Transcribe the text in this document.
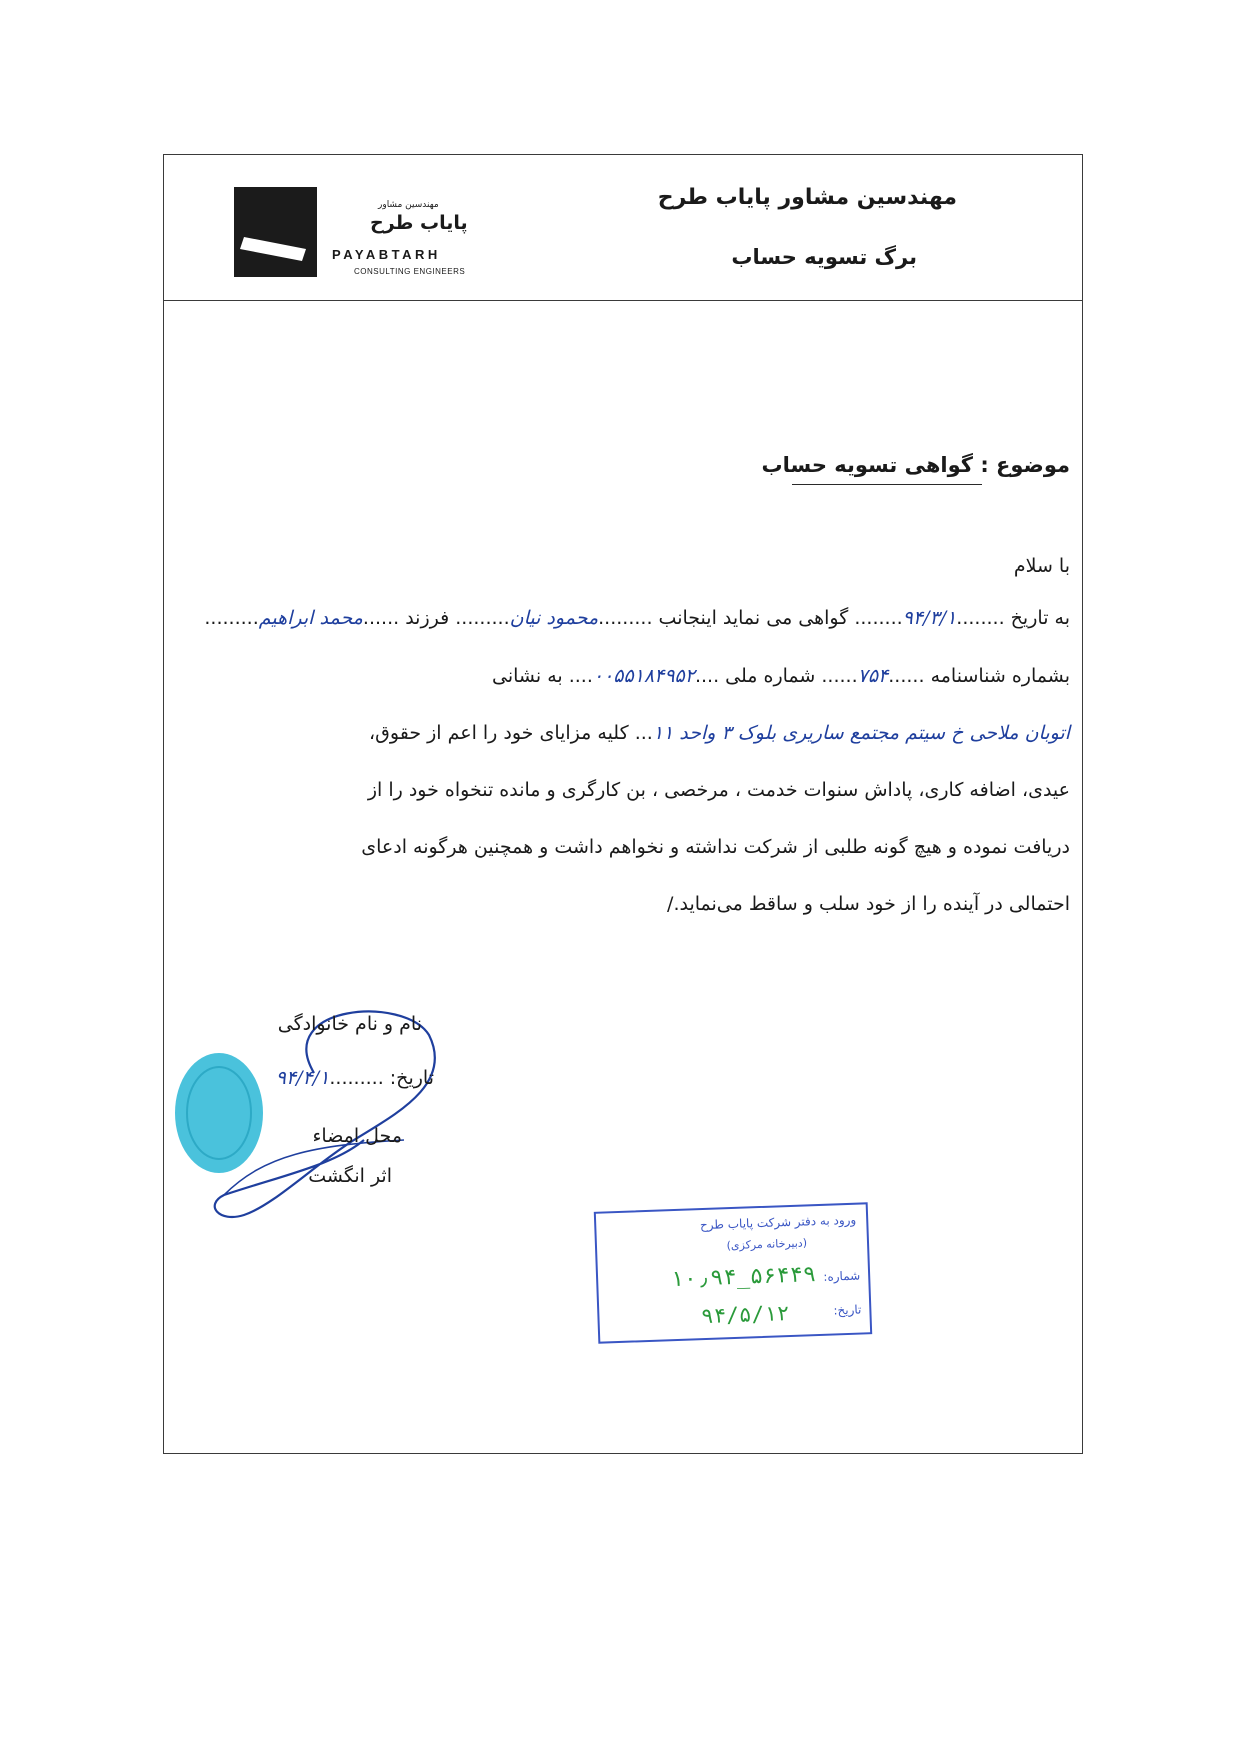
مهندسین مشاور پایاب طرح
برگ تسویه حساب
مهندسین مشاور
پایاب طرح
PAYABTARH
CONSULTING ENGINEERS
موضوع : گواهی تسویه حساب
با سلام
به تاریخ ........۹۴/۳/۱........ گواهی می نماید اینجانب .........محمود نیان......... فرزند ......محمد ابراهیم.........
بشماره شناسنامه ......۷۵۴...... شماره ملی ....۰۰۵۵۱۸۴۹۵۲.... به نشانی
اتوبان ملاحی خ سیتم مجتمع ساریری بلوک ۳ واحد ۱۱... کلیه مزایای خود را اعم از حقوق،
عیدی، اضافه کاری، پاداش سنوات خدمت ، مرخصی ، بن کارگری و مانده تنخواه خود را از
دریافت نموده و هیچ گونه طلبی از شرکت نداشته و نخواهم داشت و همچنین هرگونه ادعای
احتمالی در آینده را از خود سلب و ساقط می‌نماید./
نام و نام خانوادگی
تاریخ: .........۹۴/۴/۱
محل امضاء
اثر انگشت
ورود به دفتر شرکت پایاب طرح
(دبیرخانه مرکزی)
شماره:
۱۰٫۹۴_۵۶۴۴۹
تاریخ:
۹۴/۵/۱۲
